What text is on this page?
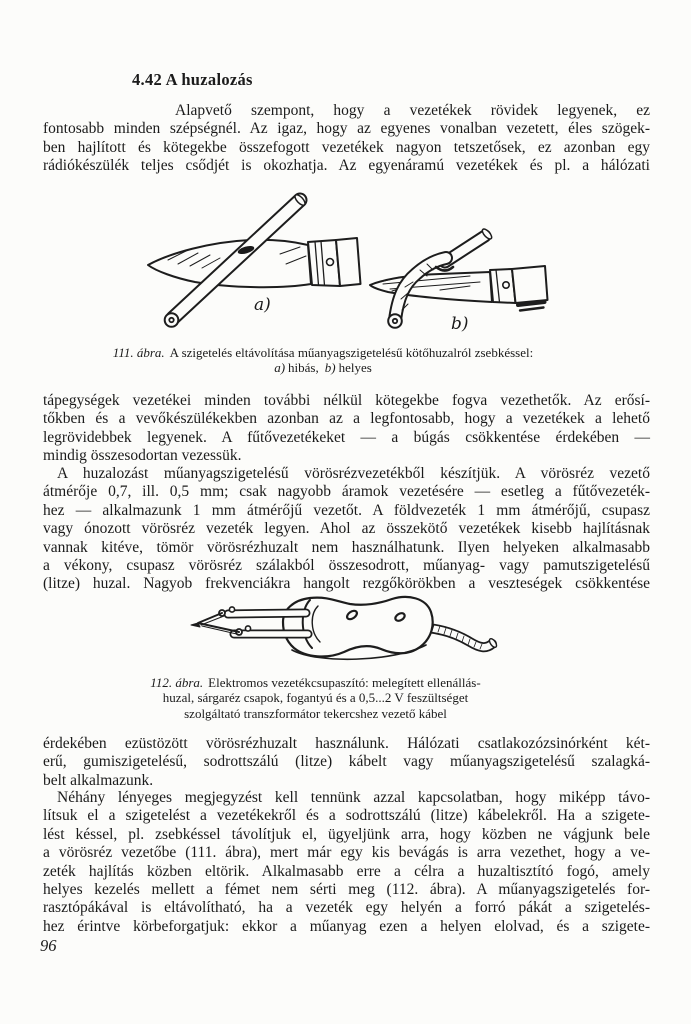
4.42 A huzalozás
Alapvető szempont, hogy a vezetékek rövidek legyenek, ez
fontosabb minden szépségnél. Az igaz, hogy az egyenes vonalban vezetett, éles szögek-
ben hajlított és kötegekbe összefogott vezetékek nagyon tetszetősek, ez azonban egy
rádiókészülék teljes csődjét is okozhatja. Az egyenáramú vezetékek és pl. a hálózati
a)
b)
111. ábra. A szigetelés eltávolítása műanyagszigetelésű kötőhuzalról zsebkéssel:
a) hibás, b) helyes
tápegységek vezetékei minden további nélkül kötegekbe fogva vezethetők. Az erősí-
tőkben és a vevőkészülékekben azonban az a legfontosabb, hogy a vezetékek a lehető
legrövidebbek legyenek. A fűtővezetékeket — a búgás csökkentése érdekében —
mindig összesodortan vezessük.
A huzalozást műanyagszigetelésű vörösrézvezetékből készítjük. A vörösréz vezető
átmérője 0,7, ill. 0,5 mm; csak nagyobb áramok vezetésére — esetleg a fűtővezeték-
hez — alkalmazunk 1 mm átmérőjű vezetőt. A földvezeték 1 mm átmérőjű, csupasz
vagy ónozott vörösréz vezeték legyen. Ahol az összekötő vezetékek kisebb hajlításnak
vannak kitéve, tömör vörösrézhuzalt nem használhatunk. Ilyen helyeken alkalmasabb
a vékony, csupasz vörösréz szálakból összesodrott, műanyag- vagy pamutszigetelésű
(litze) huzal. Nagyob frekvenciákra hangolt rezgőkörökben a veszteségek csökkentése
112. ábra. Elektromos vezetékcsupaszító: melegített ellenállás-
huzal, sárgaréz csapok, fogantyú és a 0,5...2 V feszültséget
szolgáltató transzformátor tekercshez vezető kábel
érdekében ezüstözött vörösrézhuzalt használunk. Hálózati csatlakozózsinórként két-
erű, gumiszigetelésű, sodrottszálú (litze) kábelt vagy műanyagszigetelésű szalagká-
belt alkalmazunk.
Néhány lényeges megjegyzést kell tennünk azzal kapcsolatban, hogy miképp távo-
lítsuk el a szigetelést a vezetékekről és a sodrottszálú (litze) kábelekről. Ha a szigete-
lést késsel, pl. zsebkéssel távolítjuk el, ügyeljünk arra, hogy közben ne vágjunk bele
a vörösréz vezetőbe (111. ábra), mert már egy kis bevágás is arra vezethet, hogy a ve-
zeték hajlítás közben eltörik. Alkalmasabb erre a célra a huzaltisztító fogó, amely
helyes kezelés mellett a fémet nem sérti meg (112. ábra). A műanyagszigetelés for-
rasztópákával is eltávolítható, ha a vezeték egy helyén a forró pákát a szigetelés-
hez érintve körbeforgatjuk: ekkor a műanyag ezen a helyen elolvad, és a szigete-
96
